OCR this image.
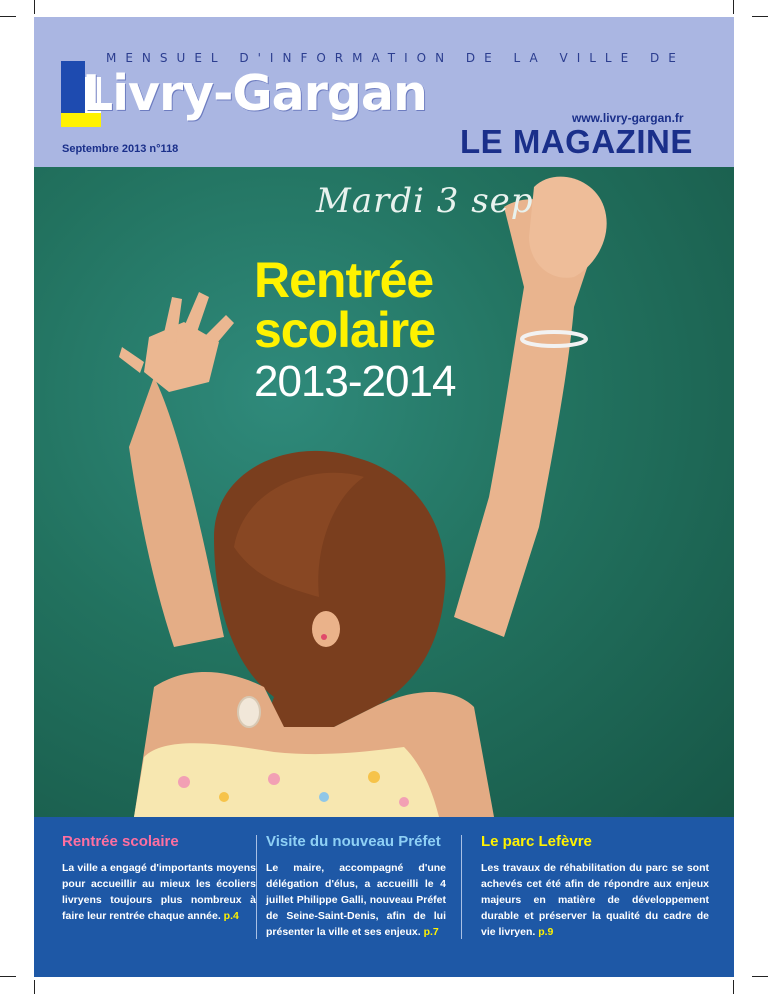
MENSUEL D'INFORMATION DE LA VILLE DE
Livry-Gargan	www.livry-gargan.fr
Septembre 2013 n°118	LE MAGAZINE
Mardi 3 sep
Rentrée
scolaire
2013-2014
Rentrée scolaire

La ville a engagé d'importants moyens pour accueillir au mieux les écoliers livryens toujours plus nombreux à faire leur rentrée chaque année. p.4

Visite du nouveau Préfet

Le maire, accompagné d'une délégation d'élus, a accueilli le 4 juillet Philippe Galli, nouveau Préfet de Seine-Saint-Denis, afin de lui présenter la ville et ses enjeux. p.7

Le parc Lefèvre

Les travaux de réhabilitation du parc se sont achevés cet été afin de répondre aux enjeux majeurs en matière de développement durable et préserver la qualité du cadre de vie livryen. p.9
